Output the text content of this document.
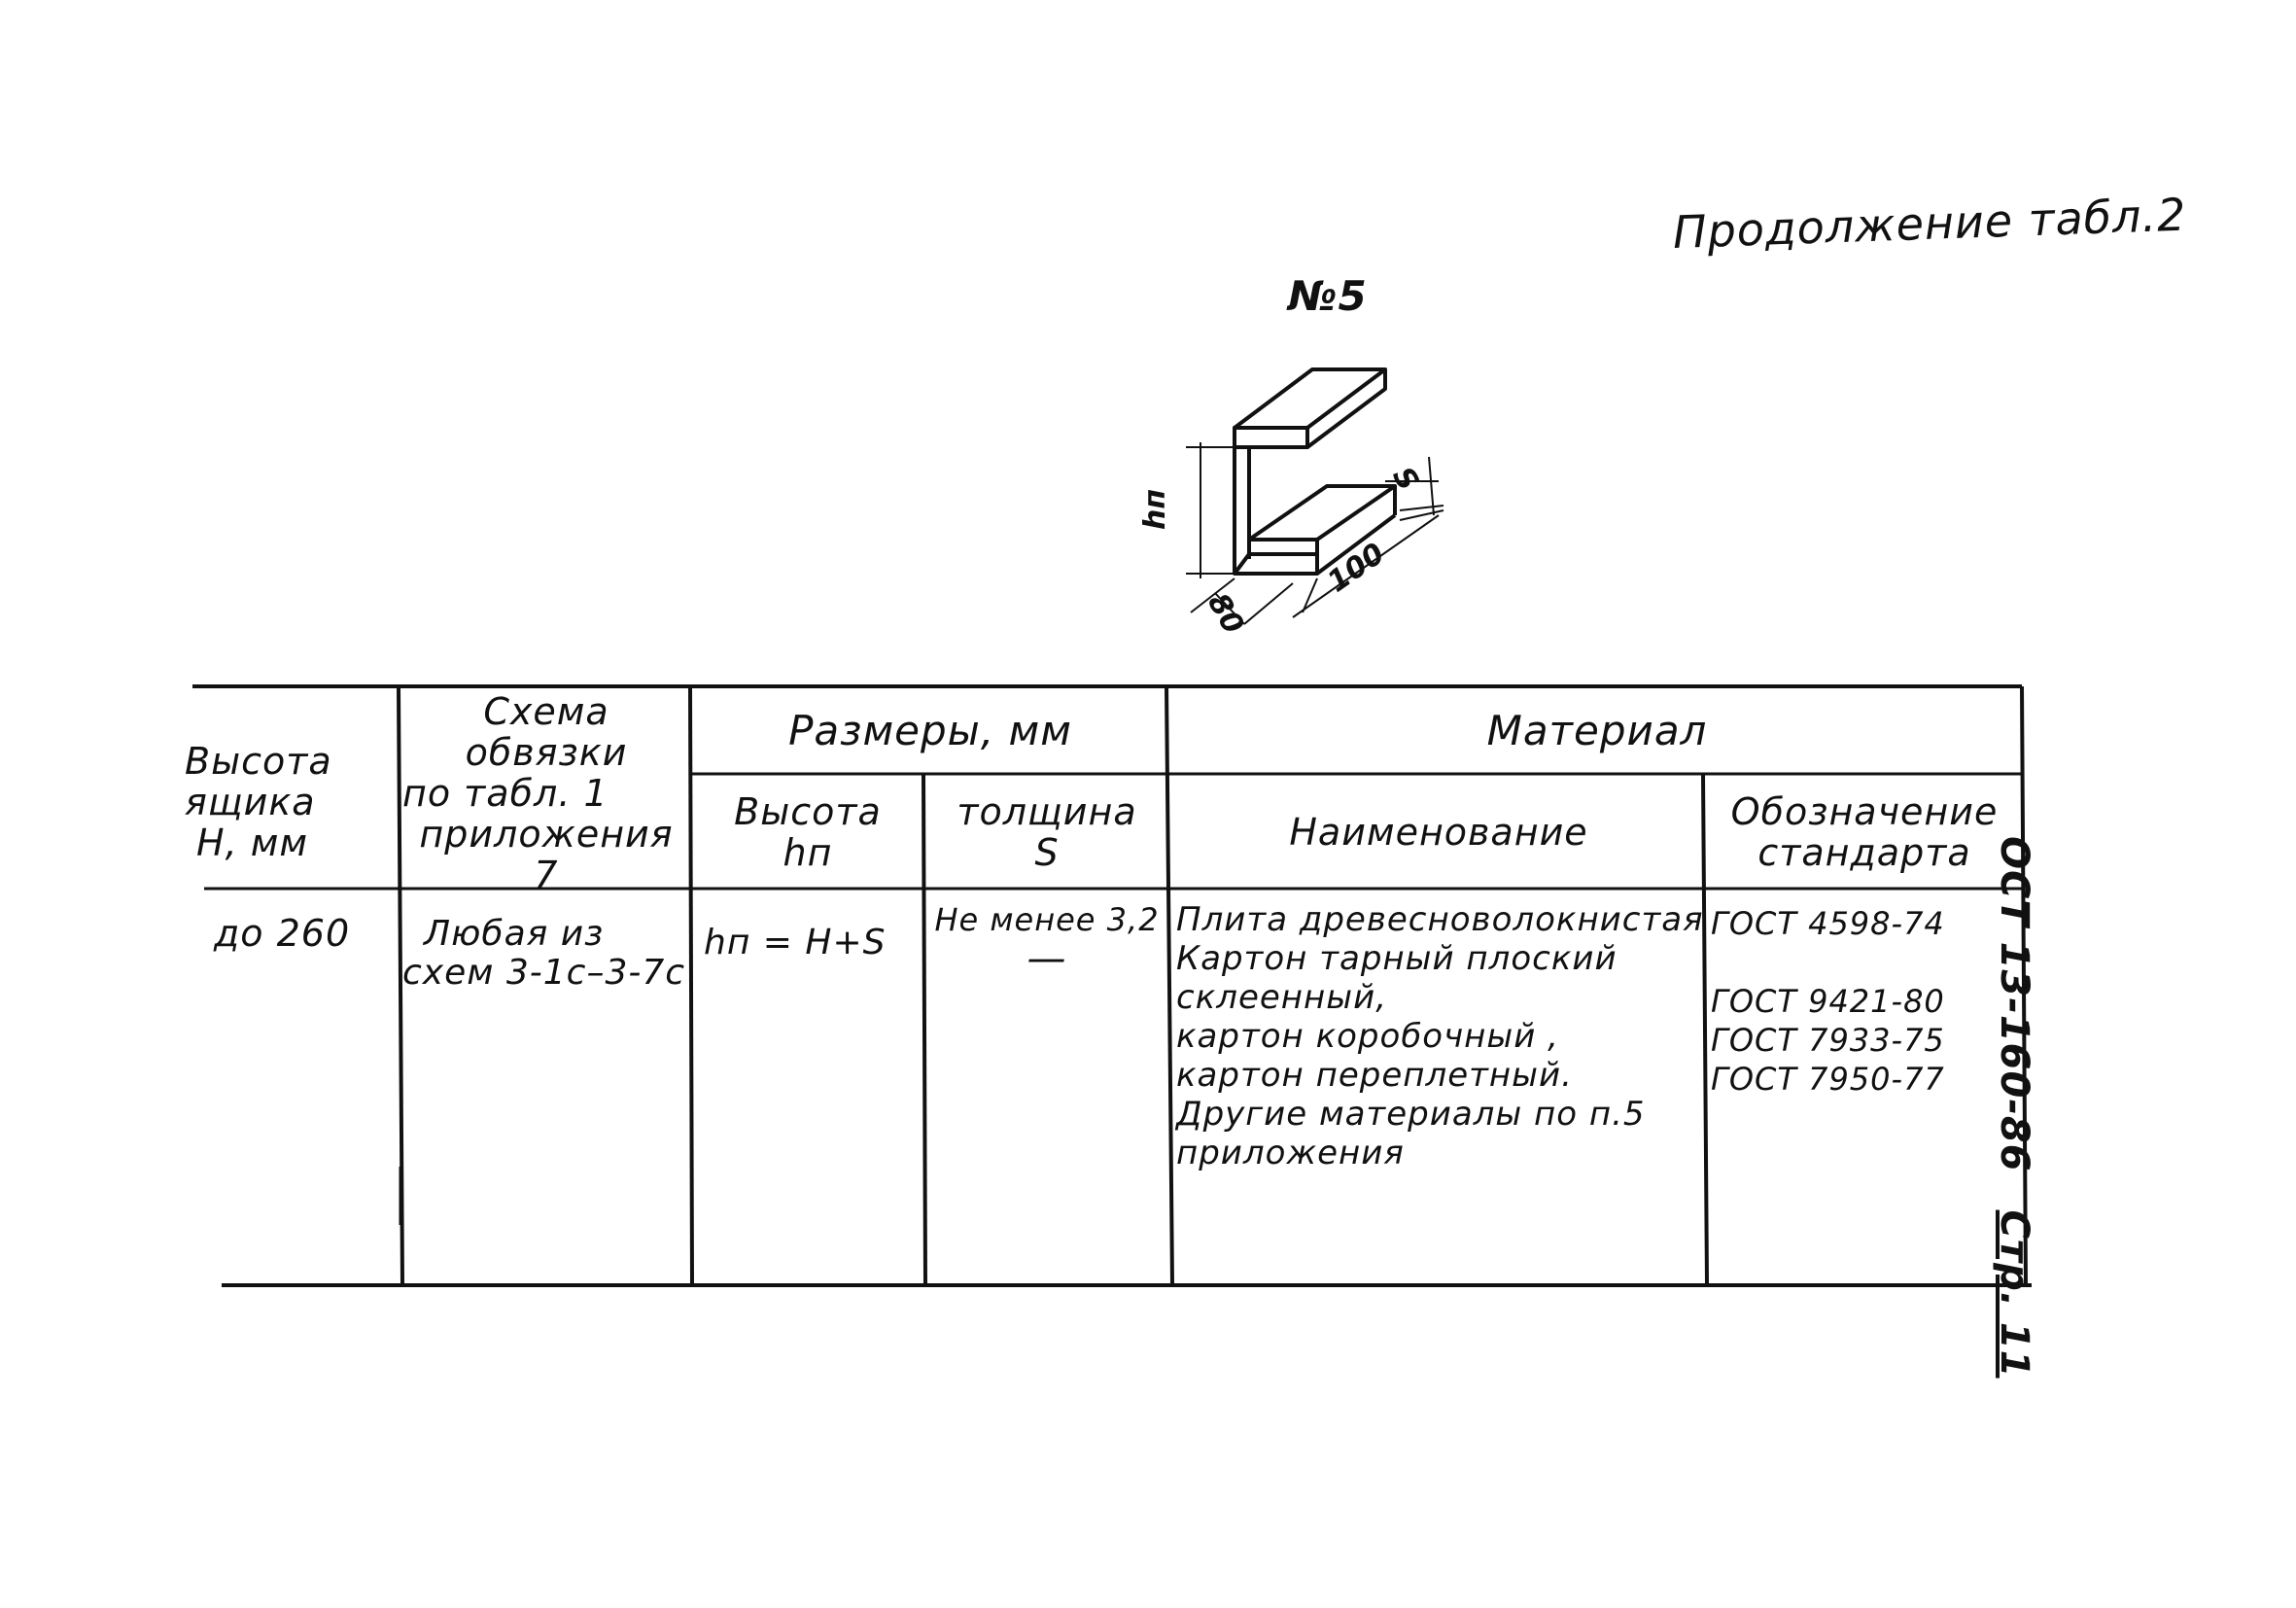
Продолжение табл.2
№5
hп
S
80
100
Высота
ящика
Н, мм
Схема обвязки
по табл. 1
приложения 7
Размеры, мм
Высота
hп
толщина
S
Материал
Наименование	Обозначение
стандарта
до 260	Любая из
схем 3-1с–3-7с
hп = Н+S
Не менее 3,2
—
Плита древесноволокнистая
Картон тарный плоский
склеенный,
картон коробочный ,
картон переплетный.
Другие материалы по п.5
приложения
ГОСТ 4598-74
ГОСТ 9421-80
ГОСТ 7933-75
ГОСТ 7950-77 ОСТ 13-160-86 Стр. 11
